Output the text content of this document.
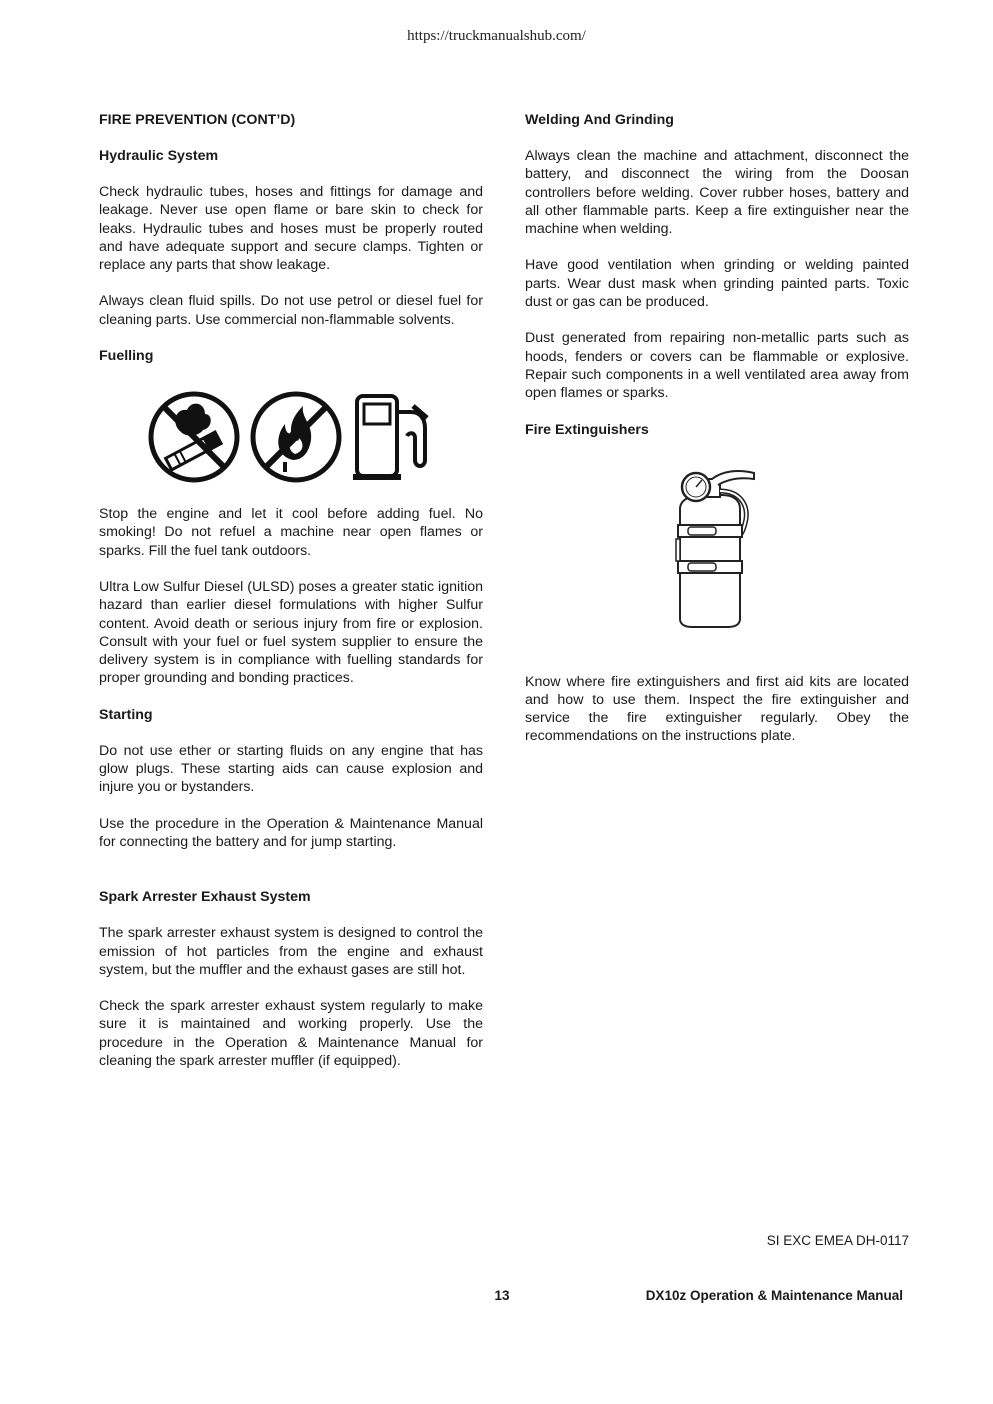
https://truckmanualshub.com/
FIRE PREVENTION (CONT’D)
Hydraulic System

Check hydraulic tubes, hoses and fittings for damage and leakage. Never use open flame or bare skin to check for leaks. Hydraulic tubes and hoses must be properly routed and have adequate support and secure clamps. Tighten or replace any parts that show leakage.

Always clean fluid spills. Do not use petrol or diesel fuel for cleaning parts. Use commercial non-flammable solvents.

Fuelling

Stop the engine and let it cool before adding fuel. No smoking! Do not refuel a machine near open flames or sparks. Fill the fuel tank outdoors.

Ultra Low Sulfur Diesel (ULSD) poses a greater static ignition hazard than earlier diesel formulations with higher Sulfur content. Avoid death or serious injury from fire or explosion. Consult with your fuel or fuel system supplier to ensure the delivery system is in compliance with fuelling standards for proper grounding and bonding practices.

Starting

Do not use ether or starting fluids on any engine that has glow plugs. These starting aids can cause explosion and injure you or bystanders.

Use the procedure in the Operation & Maintenance Manual for connecting the battery and for jump starting.

Spark Arrester Exhaust System

The spark arrester exhaust system is designed to control the emission of hot particles from the engine and exhaust system, but the muffler and the exhaust gases are still hot.

Check the spark arrester exhaust system regularly to make sure it is maintained and working properly. Use the procedure in the Operation & Maintenance Manual for cleaning the spark arrester muffler (if equipped).

Welding And Grinding

Always clean the machine and attachment, disconnect the battery, and disconnect the wiring from the Doosan controllers before welding. Cover rubber hoses, battery and all other flammable parts. Keep a fire extinguisher near the machine when welding.

Have good ventilation when grinding or welding painted parts. Wear dust mask when grinding painted parts. Toxic dust or gas can be produced.

Dust generated from repairing non-metallic parts such as hoods, fenders or covers can be flammable or explosive. Repair such components in a well ventilated area away from open flames or sparks.

Fire Extinguishers

Know where fire extinguishers and first aid kits are located and how to use them. Inspect the fire extinguisher and service the fire extinguisher regularly. Obey the recommendations on the instructions plate.

SI EXC EMEA DH-0117
13	DX10z Operation & Maintenance Manual
